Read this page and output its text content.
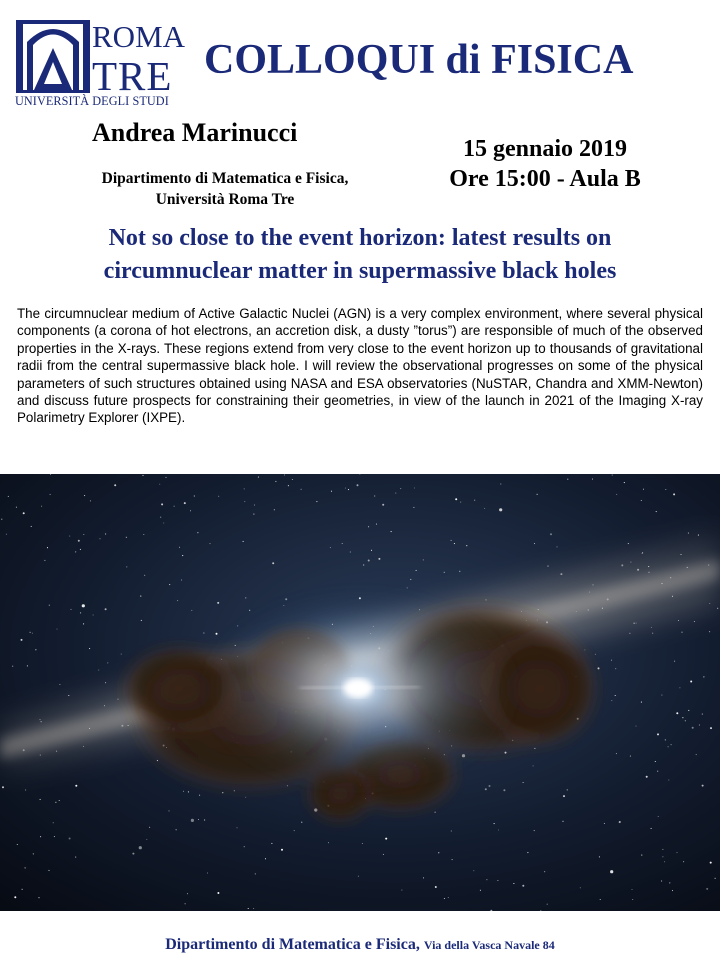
ROMA
TRE
UNIVERSITÀ DEGLI STUDI
COLLOQUI di FISICA
Andrea Marinucci
Dipartimento di Matematica e Fisica,
Università Roma Tre
15 gennaio 2019
Ore 15:00 - Aula B
Not so close to the event horizon: latest results on
circumnuclear matter in supermassive black holes
The circumnuclear medium of Active Galactic Nuclei (AGN) is a very complex environment, where several physical components (a corona of hot electrons, an accretion disk, a dusty ”torus”) are responsible of much of the observed properties in the X-rays. These regions extend from very close to the event horizon up to thousands of gravitational radii from the central supermassive black hole. I will review the observational progresses on some of the physical parameters of such structures obtained using NASA and ESA observatories (NuSTAR, Chandra and XMM-Newton) and discuss future prospects for constraining their geometries, in view of the launch in 2021 of the Imaging X-ray Polarimetry Explorer (IXPE).
Dipartimento di Matematica e Fisica, Via della Vasca Navale 84
